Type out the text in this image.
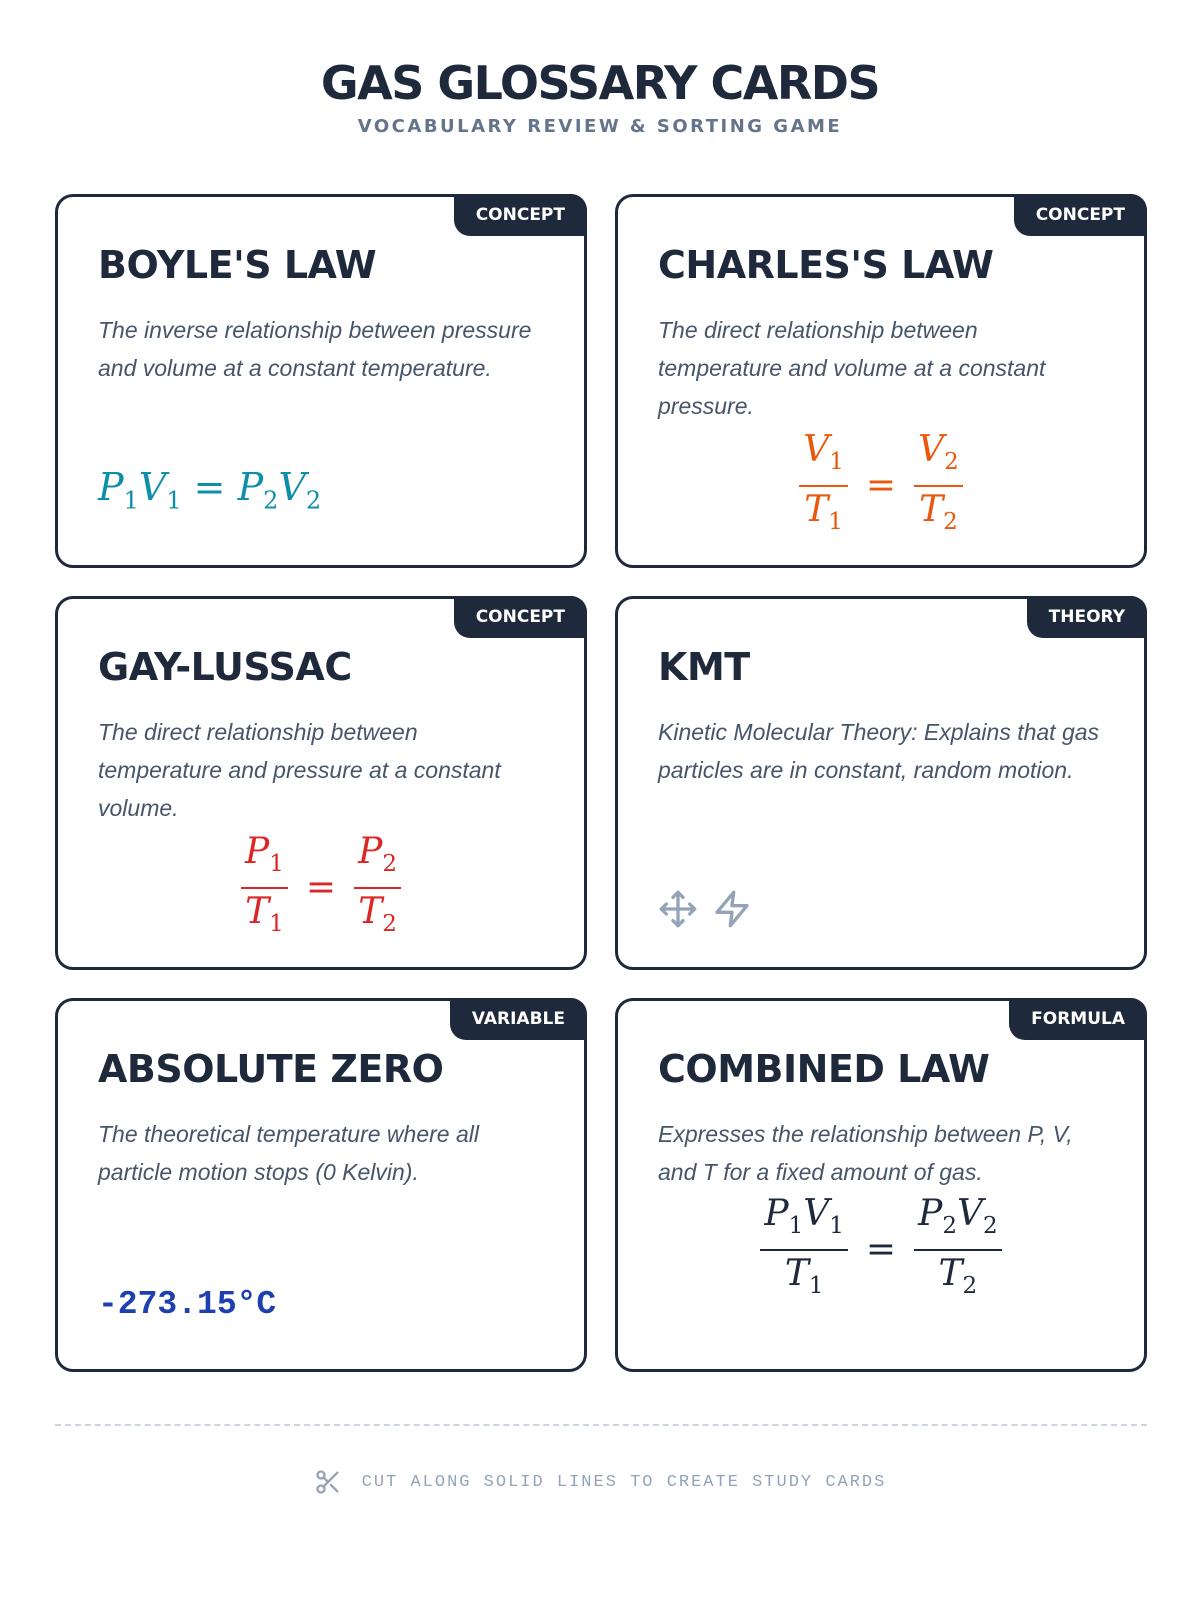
GAS GLOSSARY CARDS
VOCABULARY REVIEW & SORTING GAME
CONCEPT
BOYLE'S LAW
The inverse relationship between pressure and volume at a constant temperature.
$P_1V_1 = P_2V_2$
CONCEPT
CHARLES'S LAW
The direct relationship between temperature and volume at a constant pressure.
$\frac{V_1}{T_1} = \frac{V_2}{T_2}$
CONCEPT
GAY-LUSSAC
The direct relationship between temperature and pressure at a constant volume.
$\frac{P_1}{T_1} = \frac{P_2}{T_2}$
THEORY
KMT
Kinetic Molecular Theory: Explains that gas particles are in constant, random motion.
VARIABLE
ABSOLUTE ZERO
The theoretical temperature where all particle motion stops (0 Kelvin).
-273.15°C
FORMULA
COMBINED LAW
Expresses the relationship between P, V, and T for a fixed amount of gas.
$\frac{P_1V_1}{T_1} = \frac{P_2V_2}{T_2}$
CUT ALONG SOLID LINES TO CREATE STUDY CARDS
